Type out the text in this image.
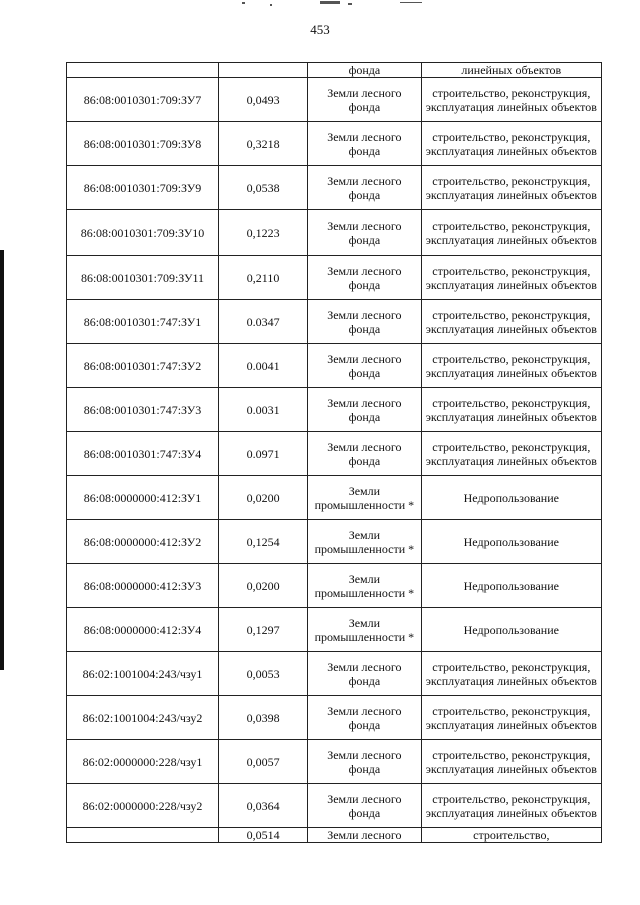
453
		фонда	линейных объектов
86:08:0010301:709:ЗУ7	0,0493	Земли лесного фонда	строительство, реконструкция, эксплуатация линейных объектов
86:08:0010301:709:ЗУ8	0,3218	Земли лесного фонда	строительство, реконструкция, эксплуатация линейных объектов
86:08:0010301:709:ЗУ9	0,0538	Земли лесного фонда	строительство, реконструкция, эксплуатация линейных объектов
86:08:0010301:709:ЗУ10	0,1223	Земли лесного фонда	строительство, реконструкция, эксплуатация линейных объектов
86:08:0010301:709:ЗУ11	0,2110	Земли лесного фонда	строительство, реконструкция, эксплуатация линейных объектов
86:08:0010301:747:ЗУ1	0.0347	Земли лесного фонда	строительство, реконструкция, эксплуатация линейных объектов
86:08:0010301:747:ЗУ2	0.0041	Земли лесного фонда	строительство, реконструкция, эксплуатация линейных объектов
86:08:0010301:747:ЗУ3	0.0031	Земли лесного фонда	строительство, реконструкция, эксплуатация линейных объектов
86:08:0010301:747:ЗУ4	0.0971	Земли лесного фонда	строительство, реконструкция, эксплуатация линейных объектов
86:08:0000000:412:ЗУ1	0,0200	Земли промышленности *	Недропользование
86:08:0000000:412:ЗУ2	0,1254	Земли промышленности *	Недропользование
86:08:0000000:412:ЗУ3	0,0200	Земли промышленности *	Недропользование
86:08:0000000:412:ЗУ4	0,1297	Земли промышленности *	Недропользование
86:02:1001004:243/чзу1	0,0053	Земли лесного фонда	строительство, реконструкция, эксплуатация линейных объектов
86:02:1001004:243/чзу2	0,0398	Земли лесного фонда	строительство, реконструкция, эксплуатация линейных объектов
86:02:0000000:228/чзу1	0,0057	Земли лесного фонда	строительство, реконструкция, эксплуатация линейных объектов
86:02:0000000:228/чзу2	0,0364	Земли лесного фонда	строительство, реконструкция, эксплуатация линейных объектов
	0,0514	Земли лесного	строительство,
